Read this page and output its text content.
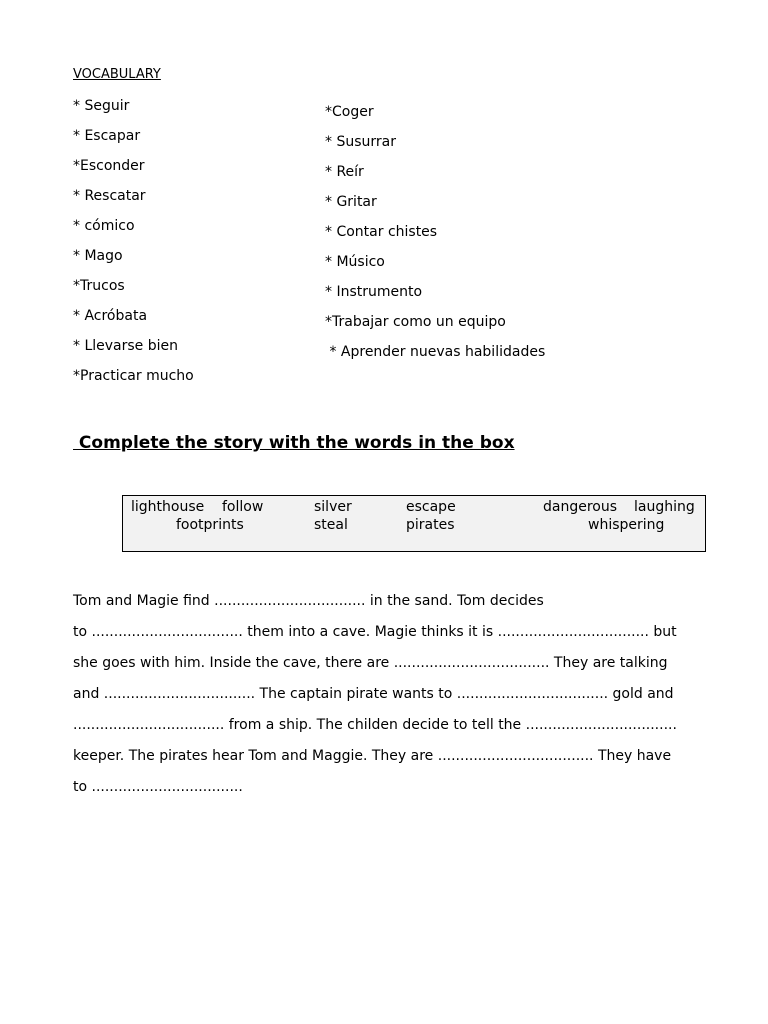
VOCABULARY
* Seguir
* Escapar
*Esconder
* Rescatar
* cómico
* Mago
*Trucos
* Acróbata
* Llevarse bien
*Practicar mucho
*Coger
* Susurrar
* Reír
* Gritar
* Contar chistes
* Músico
* Instrumento
*Trabajar como un equipo
* Aprender nuevas habilidades
Complete the story with the words in the box
lighthouse follow	silver	escape	dangerous laughing
footprints	steal	pirates	whispering
Tom and Magie find .................................. in the sand. Tom decides
to .................................. them into a cave. Magie thinks it is .................................. but
she goes with him. Inside the cave, there are ................................... They are talking
and .................................. The captain pirate wants to .................................. gold and
.................................. from a ship. The childen decide to tell the ..................................
keeper. The pirates hear Tom and Maggie. They are ................................... They have
to ..................................
